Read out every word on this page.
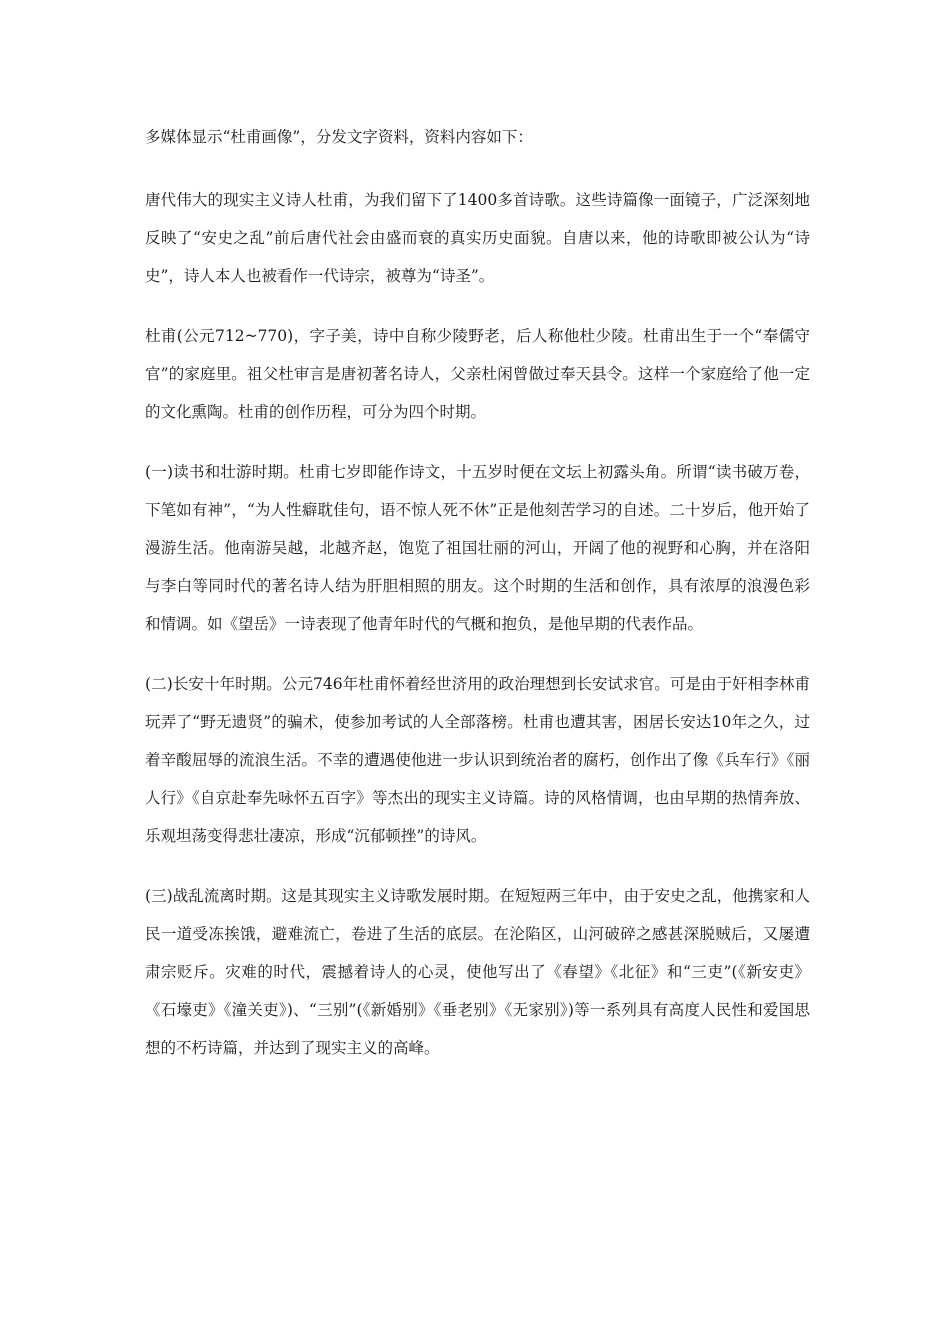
多媒体显示“杜甫画像”，分发文字资料，资料内容如下：

唐代伟大的现实主义诗人杜甫，为我们留下了1400多首诗歌。这些诗篇像一面镜子，广泛深刻地反映了“安史之乱”前后唐代社会由盛而衰的真实历史面貌。自唐以来，他的诗歌即被公认为“诗史”，诗人本人也被看作一代诗宗，被尊为“诗圣”。

杜甫(公元712~770)，字子美，诗中自称少陵野老，后人称他杜少陵。杜甫出生于一个“奉儒守官”的家庭里。祖父杜审言是唐初著名诗人，父亲杜闲曾做过奉天县令。这样一个家庭给了他一定的文化熏陶。杜甫的创作历程，可分为四个时期。

(一)读书和壮游时期。杜甫七岁即能作诗文，十五岁时便在文坛上初露头角。所谓“读书破万卷，下笔如有神”，“为人性癖耽佳句，语不惊人死不休”正是他刻苦学习的自述。二十岁后，他开始了漫游生活。他南游吴越，北越齐赵，饱览了祖国壮丽的河山，开阔了他的视野和心胸，并在洛阳与李白等同时代的著名诗人结为肝胆相照的朋友。这个时期的生活和创作，具有浓厚的浪漫色彩和情调。如《望岳》一诗表现了他青年时代的气概和抱负，是他早期的代表作品。

(二)长安十年时期。公元746年杜甫怀着经世济用的政治理想到长安试求官。可是由于奸相李林甫玩弄了“野无遗贤”的骗术，使参加考试的人全部落榜。杜甫也遭其害，困居长安达10年之久，过着辛酸屈辱的流浪生活。不幸的遭遇使他进一步认识到统治者的腐朽，创作出了像《兵车行》《丽人行》《自京赴奉先咏怀五百字》等杰出的现实主义诗篇。诗的风格情调，也由早期的热情奔放、乐观坦荡变得悲壮凄凉，形成“沉郁顿挫”的诗风。

(三)战乱流离时期。这是其现实主义诗歌发展时期。在短短两三年中，由于安史之乱，他携家和人民一道受冻挨饿，避难流亡，卷进了生活的底层。在沦陷区，山河破碎之感甚深脱贼后，又屡遭肃宗贬斥。灾难的时代，震撼着诗人的心灵，使他写出了《春望》《北征》和“三吏”(《新安吏》《石壕吏》《潼关吏》)、“三别”(《新婚别》《垂老别》《无家别》)等一系列具有高度人民性和爱国思想的不朽诗篇，并达到了现实主义的高峰。
